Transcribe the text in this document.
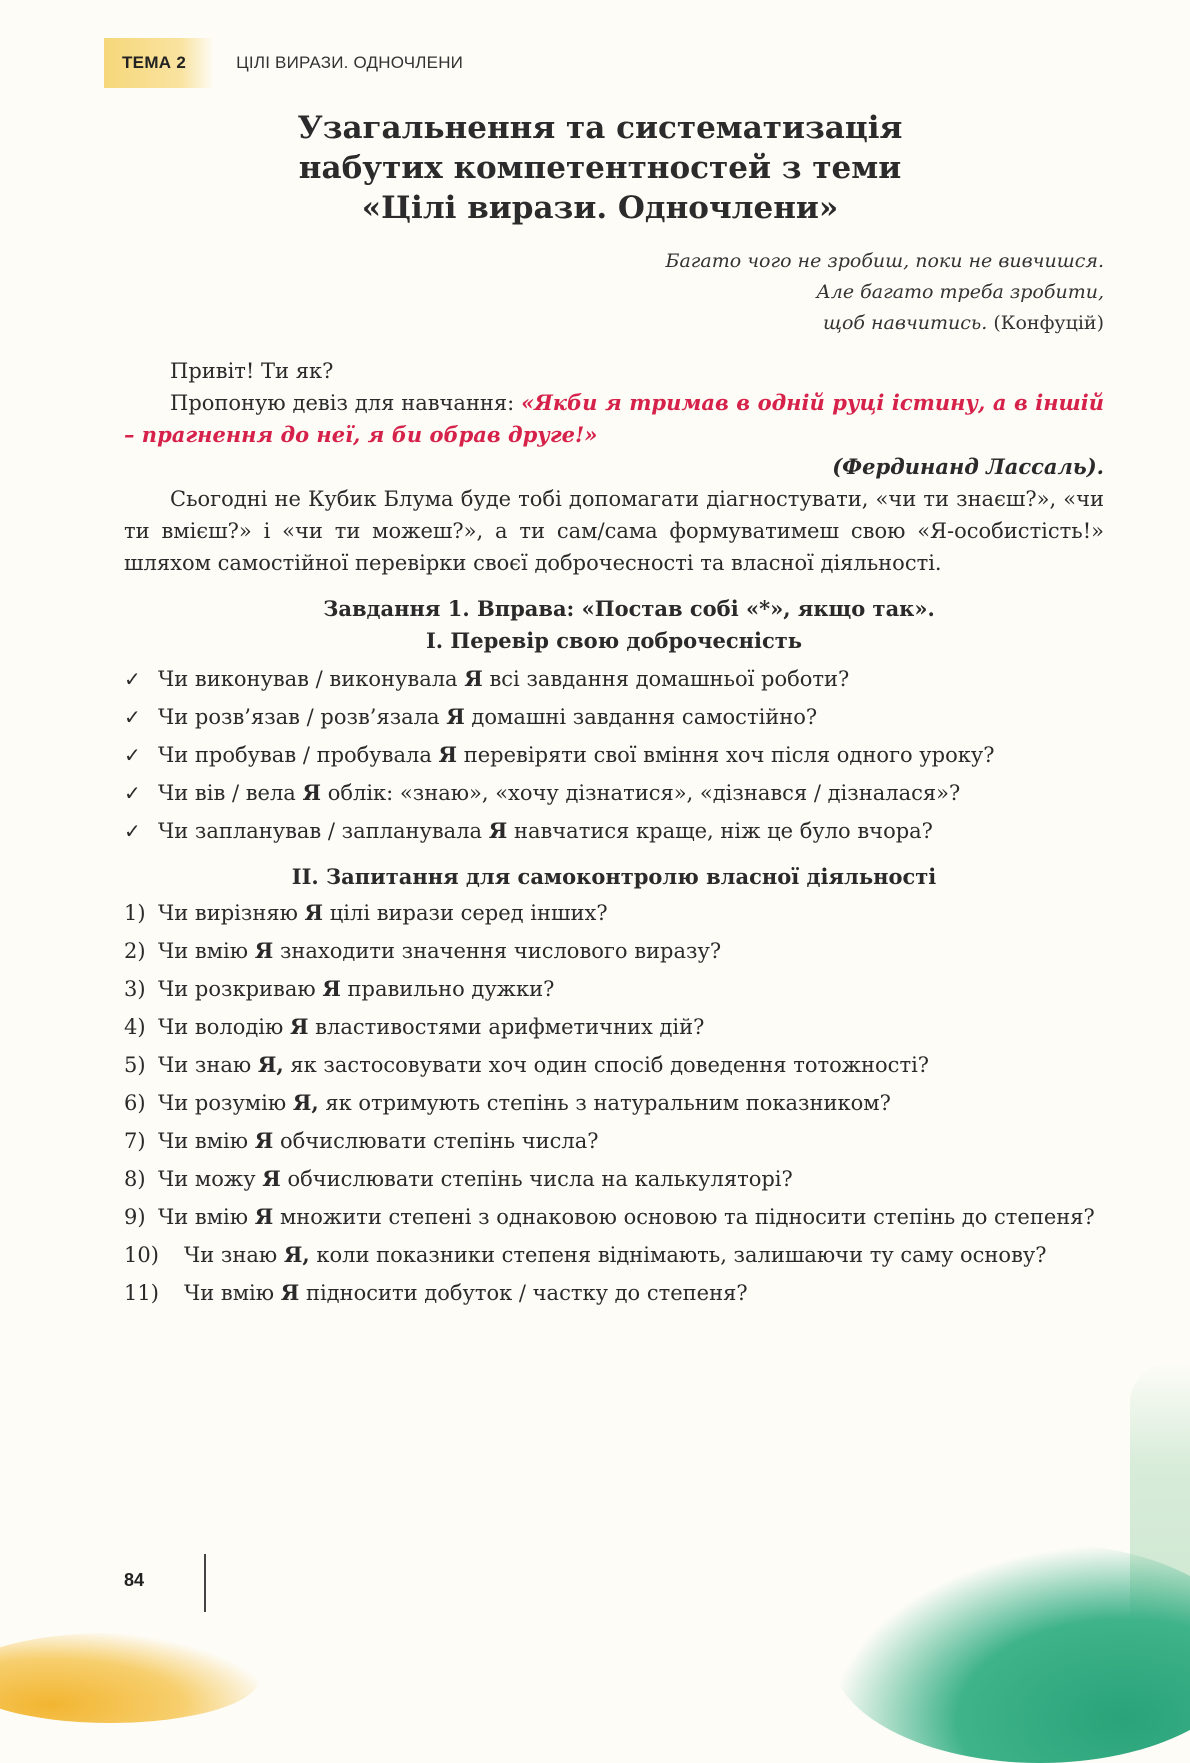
ТЕМА 2	ЦІЛІ ВИРАЗИ. ОДНОЧЛЕНИ
Узагальнення та систематизація
набутих компетентностей з теми
«Цілі вирази. Одночлени»
Багато чого не зробиш, поки не вивчишся.
Але багато треба зробити,
щоб навчитись. (Конфуцій)

Привіт! Ти як?

Пропоную девіз для навчання: «Якби я тримав в одній руці істину, а в іншій – прагнення до неї, я би обрав друге!»

(Фердинанд Лассаль).

Сьогодні не Кубик Блума буде тобі допомагати діагностувати, «чи ти знаєш?», «чи ти вмієш?» і «чи ти можеш?», а ти сам/сама формуватимеш свою «Я-особистість!» шляхом самостійної перевірки своєї доброчесності та власної діяльності.

Завдання 1. Вправа: «Постав собі «*», якщо так».

І. Перевір свою доброчесність

✓ Чи виконував / виконувала Я всі завдання домашньої роботи?
✓ Чи розв’язав / розв’язала Я домашні завдання самостійно?
✓ Чи пробував / пробувала Я перевіряти свої вміння хоч після одного уроку?
✓ Чи вів / вела Я облік: «знаю», «хочу дізнатися», «дізнався / дізналася»?
✓ Чи запланував / запланувала Я навчатися краще, ніж це було вчора?

ІІ. Запитання для самоконтролю власної діяльності

1) Чи вирізняю Я цілі вирази серед інших?
2) Чи вмію Я знаходити значення числового виразу?
3) Чи розкриваю Я правильно дужки?
4) Чи володію Я властивостями арифметичних дій?
5) Чи знаю Я, як застосовувати хоч один спосіб доведення тотожності?
6) Чи розумію Я, як отримують степінь з натуральним показником?
7) Чи вмію Я обчислювати степінь числа?
8) Чи можу Я обчислювати степінь числа на калькуляторі?
9) Чи вмію Я множити степені з однаковою основою та підносити степінь до степеня?
10) Чи знаю Я, коли показники степеня віднімають, залишаючи ту саму основу?
11) Чи вмію Я підносити добуток / частку до степеня?
84
